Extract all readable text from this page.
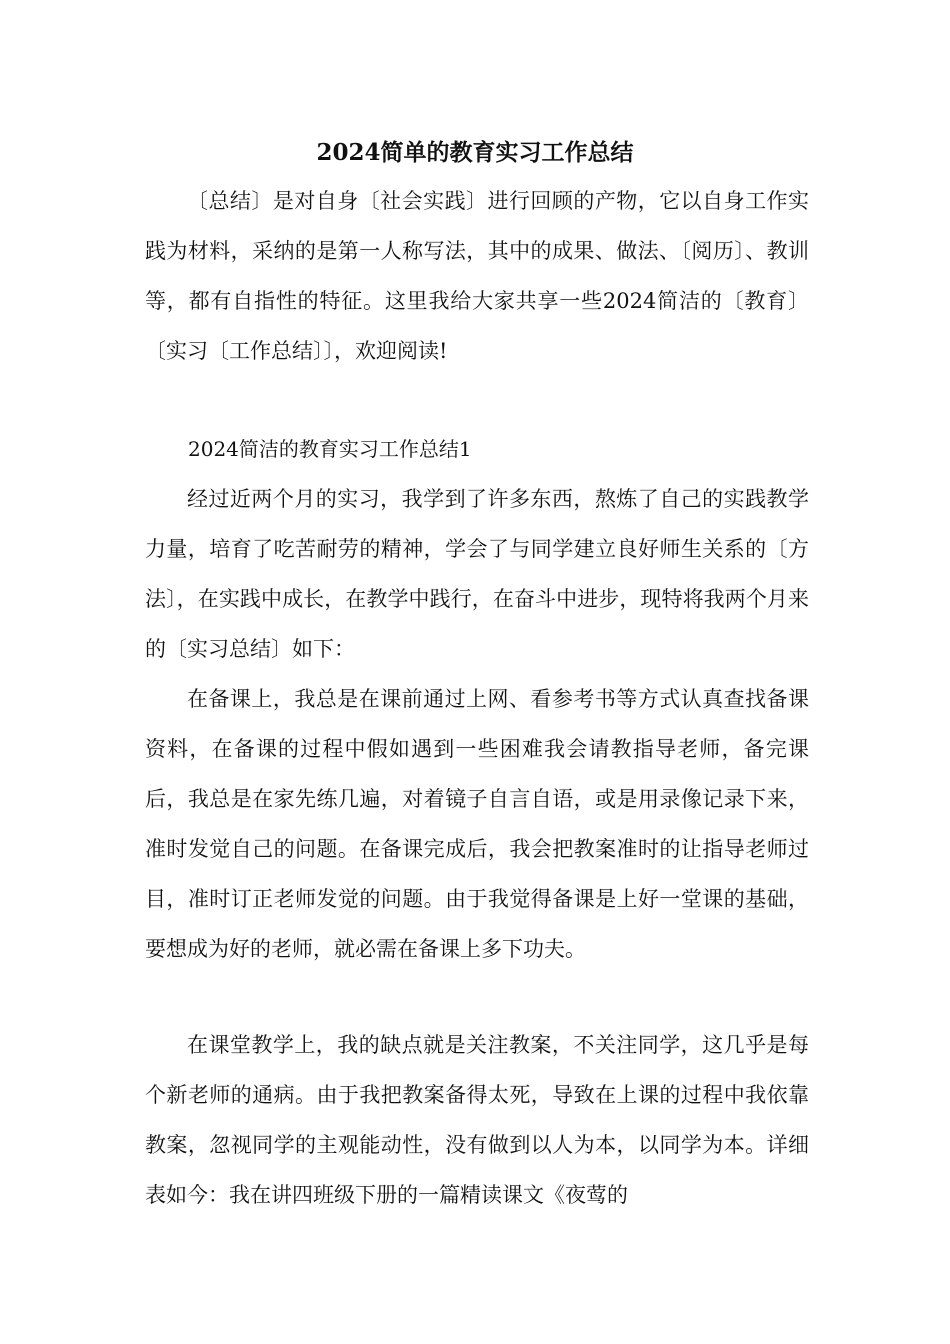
2024简单的教育实习工作总结

〔总结〕是对自身〔社会实践〕进行回顾的产物，它以自身工作实践为材料，采纳的是第一人称写法，其中的成果、做法、〔阅历〕、教训等，都有自指性的特征。这里我给大家共享一些2024简洁的〔教育〕〔实习〔工作总结〕〕，欢迎阅读!

2024简洁的教育实习工作总结1

经过近两个月的实习，我学到了许多东西，熬炼了自己的实践教学力量，培育了吃苦耐劳的精神，学会了与同学建立良好师生关系的〔方法〕，在实践中成长，在教学中践行，在奋斗中进步，现特将我两个月来的〔实习总结〕如下：

在备课上，我总是在课前通过上网、看参考书等方式认真查找备课资料，在备课的过程中假如遇到一些困难我会请教指导老师，备完课后，我总是在家先练几遍，对着镜子自言自语，或是用录像记录下来，准时发觉自己的问题。在备课完成后，我会把教案准时的让指导老师过目，准时订正老师发觉的问题。由于我觉得备课是上好一堂课的基础，要想成为好的老师，就必需在备课上多下功夫。

在课堂教学上，我的缺点就是关注教案，不关注同学，这几乎是每个新老师的通病。由于我把教案备得太死，导致在上课的过程中我依靠教案，忽视同学的主观能动性，没有做到以人为本，以同学为本。详细表如今：我在讲四班级下册的一篇精读课文《夜莺的
